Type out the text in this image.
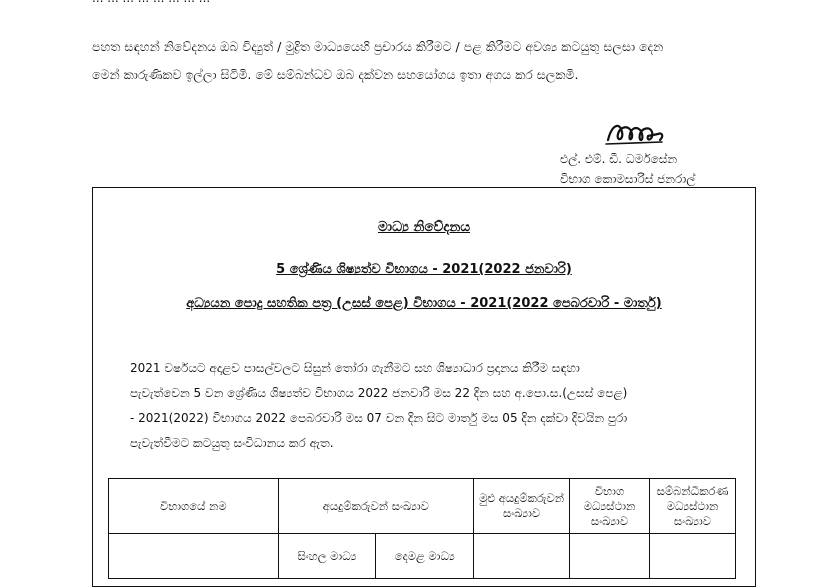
පහත සඳහන් නිවේදනය ඔබ විද්‍යුත් / මුද්‍රිත මාධ්‍යයෙහි ප්‍රචාරය කිරීමට / පළ කිරීමට අවශ්‍ය කටයුතු සලසා දෙන
මෙන් කාරුණිකව ඉල්ලා සිටිමි. මේ සම්බන්ධව ඔබ දක්වන සහයෝගය ඉතා අගය කර සලකමි.

එල්. එම්. ඩී. ධර්මසේන
විභාග කොමසාරිස් ජනරාල්
මාධ්‍ය නිවේදනය
5 ශ්‍රේණිය ශිෂ්‍යත්ව විභාගය - 2021(2022 ජනවාරි)
අධ්‍යයන පොදු සහතික පත්‍ර (උසස් පෙළ) විභාගය - 2021(2022 පෙබරවාරි - මාර්තු)
2021 වර්ෂයට අදාළව පාසල්වලට සිසුන් තෝරා ගැනීමට සහ ශිෂ්‍යාධාර ප්‍රදානය කිරීම සඳහා
පැවැත්වෙන 5 වන ශ්‍රේණිය ශිෂ්‍යත්ව විභාගය 2022 ජනවාරි මස 22 දින සහ අ.පො.ස.(උසස් පෙළ)
- 2021(2022) විභාගය 2022 පෙබරවාරි මස 07 වන දින සිට මාර්තු මස 05 දින දක්වා දිවයින පුරා
පැවැත්වීමට කටයුතු සංවිධානය කර ඇත.
විභාගයේ නම	අයදුම්කරුවන් සංඛ්‍යාව		මුළු අයදුම්කරුවන් සංඛ්‍යාව	විභාග මධ්‍යස්ථාන සංඛ්‍යාව	සම්බන්ධීකරණ මධ්‍යස්ථාන සංඛ්‍යාව
	සිංහල මාධ්‍ය	දෙමළ මාධ්‍ය			
